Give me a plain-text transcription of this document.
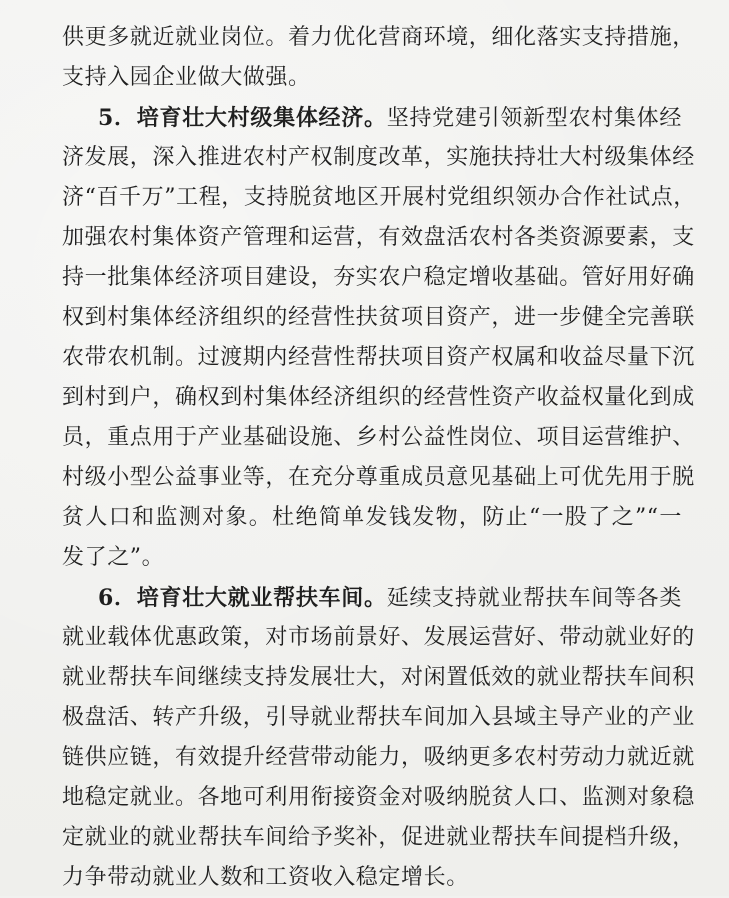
供更多就近就业岗位。着力优化营商环境，细化落实支持措施，
支持入园企业做大做强。
5．培育壮大村级集体经济。坚持党建引领新型农村集体经
济发展，深入推进农村产权制度改革，实施扶持壮大村级集体经
济“百千万”工程，支持脱贫地区开展村党组织领办合作社试点，
加强农村集体资产管理和运营，有效盘活农村各类资源要素，支
持一批集体经济项目建设，夯实农户稳定增收基础。管好用好确
权到村集体经济组织的经营性扶贫项目资产，进一步健全完善联
农带农机制。过渡期内经营性帮扶项目资产权属和收益尽量下沉
到村到户，确权到村集体经济组织的经营性资产收益权量化到成
员，重点用于产业基础设施、乡村公益性岗位、项目运营维护、
村级小型公益事业等，在充分尊重成员意见基础上可优先用于脱
贫人口和监测对象。杜绝简单发钱发物，防止“一股了之”“一
发了之”。
6．培育壮大就业帮扶车间。延续支持就业帮扶车间等各类
就业载体优惠政策，对市场前景好、发展运营好、带动就业好的
就业帮扶车间继续支持发展壮大，对闲置低效的就业帮扶车间积
极盘活、转产升级，引导就业帮扶车间加入县域主导产业的产业
链供应链，有效提升经营带动能力，吸纳更多农村劳动力就近就
地稳定就业。各地可利用衔接资金对吸纳脱贫人口、监测对象稳
定就业的就业帮扶车间给予奖补，促进就业帮扶车间提档升级，
力争带动就业人数和工资收入稳定增长。
